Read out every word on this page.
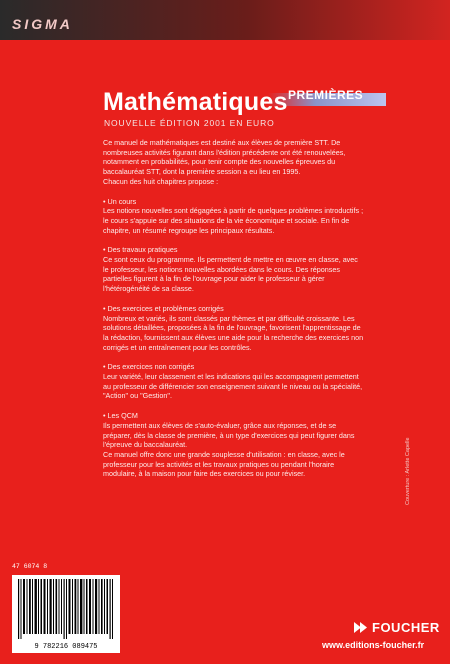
SIGMA
PREMIÈRES
Mathématiques
NOUVELLE ÉDITION 2001 EN EURO

Ce manuel de mathématiques est destiné aux élèves de première STT. De nombreuses activités figurant dans l'édition précédente ont été renouvelées, notamment en probabilités, pour tenir compte des nouvelles épreuves du baccalauréat STT, dont la première session a eu lieu en 1995.

Chacun des huit chapitres propose :

• Un cours
Les notions nouvelles sont dégagées à partir de quelques problèmes introductifs ; le cours s'appuie sur des situations de la vie économique et sociale. En fin de chapitre, un résumé regroupe les principaux résultats.
• Des travaux pratiques
Ce sont ceux du programme. Ils permettent de mettre en œuvre en classe, avec le professeur, les notions nouvelles abordées dans le cours. Des réponses partielles figurent à la fin de l'ouvrage pour aider le professeur à gérer l'hétérogénéité de sa classe.
• Des exercices et problèmes corrigés
Nombreux et variés, ils sont classés par thèmes et par difficulté croissante. Les solutions détaillées, proposées à la fin de l'ouvrage, favorisent l'apprentissage de la rédaction, fournissent aux élèves une aide pour la recherche des exercices non corrigés et un entraînement pour les contrôles.
• Des exercices non corrigés
Leur variété, leur classement et les indications qui les accompagnent permettent au professeur de différencier son enseignement suivant le niveau ou la spécialité, "Action" ou "Gestion".
• Les QCM
Ils permettent aux élèves de s'auto-évaluer, grâce aux réponses, et de se préparer, dès la classe de première, à un type d'exercices qui peut figurer dans l'épreuve du baccalauréat.

Ce manuel offre donc une grande souplesse d'utilisation : en classe, avec le professeur pour les activités et les travaux pratiques ou pendant l'horaire modulaire, à la maison pour faire des exercices ou pour réviser.	Couverture : Arlette Capelle
47 6074 8
9 782216 089475
FOUCHER
www.editions-foucher.fr
